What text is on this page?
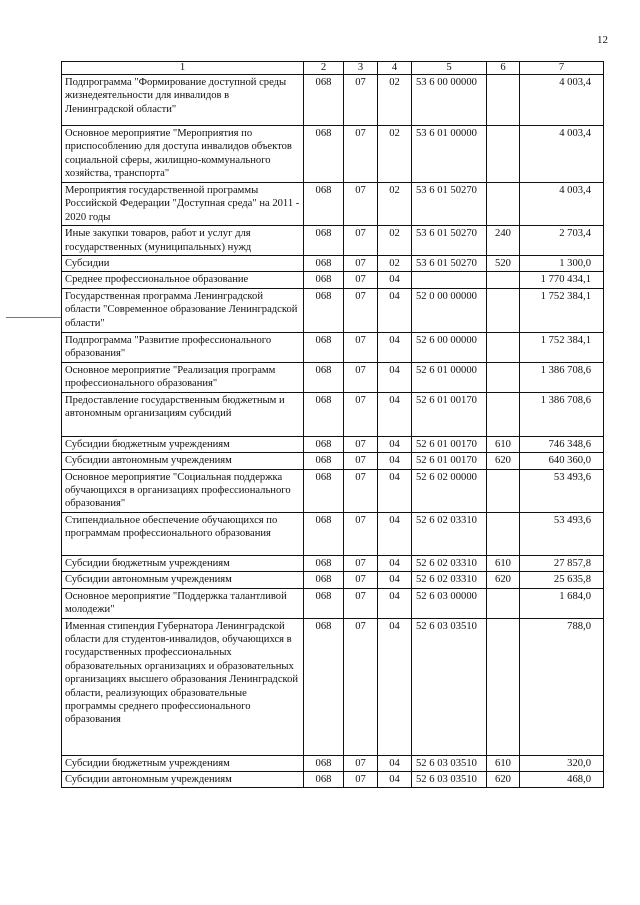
12
1	2	3	4	5	6	7
Подпрограмма "Формирование доступной среды жизнедеятельности для инвалидов в Ленинградской области"	068	07	02	53 6 00 00000		4 003,4
Основное мероприятие "Мероприятия по приспособлению для доступа инвалидов объектов социальной сферы, жилищно-коммунального хозяйства, транспорта"	068	07	02	53 6 01 00000		4 003,4
Мероприятия государственной программы Российской Федерации "Доступная среда" на 2011 - 2020 годы	068	07	02	53 6 01 50270		4 003,4
Иные закупки товаров, работ и услуг для государственных (муниципальных) нужд	068	07	02	53 6 01 50270	240	2 703,4
Субсидии	068	07	02	53 6 01 50270	520	1 300,0
Среднее профессиональное образование	068	07	04			1 770 434,1
Государственная программа Ленинградской области "Современное образование Ленинградской области"	068	07	04	52 0 00 00000		1 752 384,1
Подпрограмма "Развитие профессионального образования"	068	07	04	52 6 00 00000		1 752 384,1
Основное мероприятие "Реализация программ профессионального образования"	068	07	04	52 6 01 00000		1 386 708,6
Предоставление государственным бюджетным и автономным организациям субсидий	068	07	04	52 6 01 00170		1 386 708,6
Субсидии бюджетным учреждениям	068	07	04	52 6 01 00170	610	746 348,6
Субсидии автономным учреждениям	068	07	04	52 6 01 00170	620	640 360,0
Основное мероприятие "Социальная поддержка обучающихся в организациях профессионального образования"	068	07	04	52 6 02 00000		53 493,6
Стипендиальное обеспечение обучающихся по программам профессионального образования	068	07	04	52 6 02 03310		53 493,6
Субсидии бюджетным учреждениям	068	07	04	52 6 02 03310	610	27 857,8
Субсидии автономным учреждениям	068	07	04	52 6 02 03310	620	25 635,8
Основное мероприятие "Поддержка талантливой молодежи"	068	07	04	52 6 03 00000		1 684,0
Именная стипендия Губернатора Ленинградской области для студентов-инвалидов, обучающихся в государственных профессиональных образовательных организациях и образовательных организациях высшего образования Ленинградской области, реализующих образовательные программы среднего профессионального образования	068	07	04	52 6 03 03510		788,0
Субсидии бюджетным учреждениям	068	07	04	52 6 03 03510	610	320,0
Субсидии автономным учреждениям	068	07	04	52 6 03 03510	620	468,0
